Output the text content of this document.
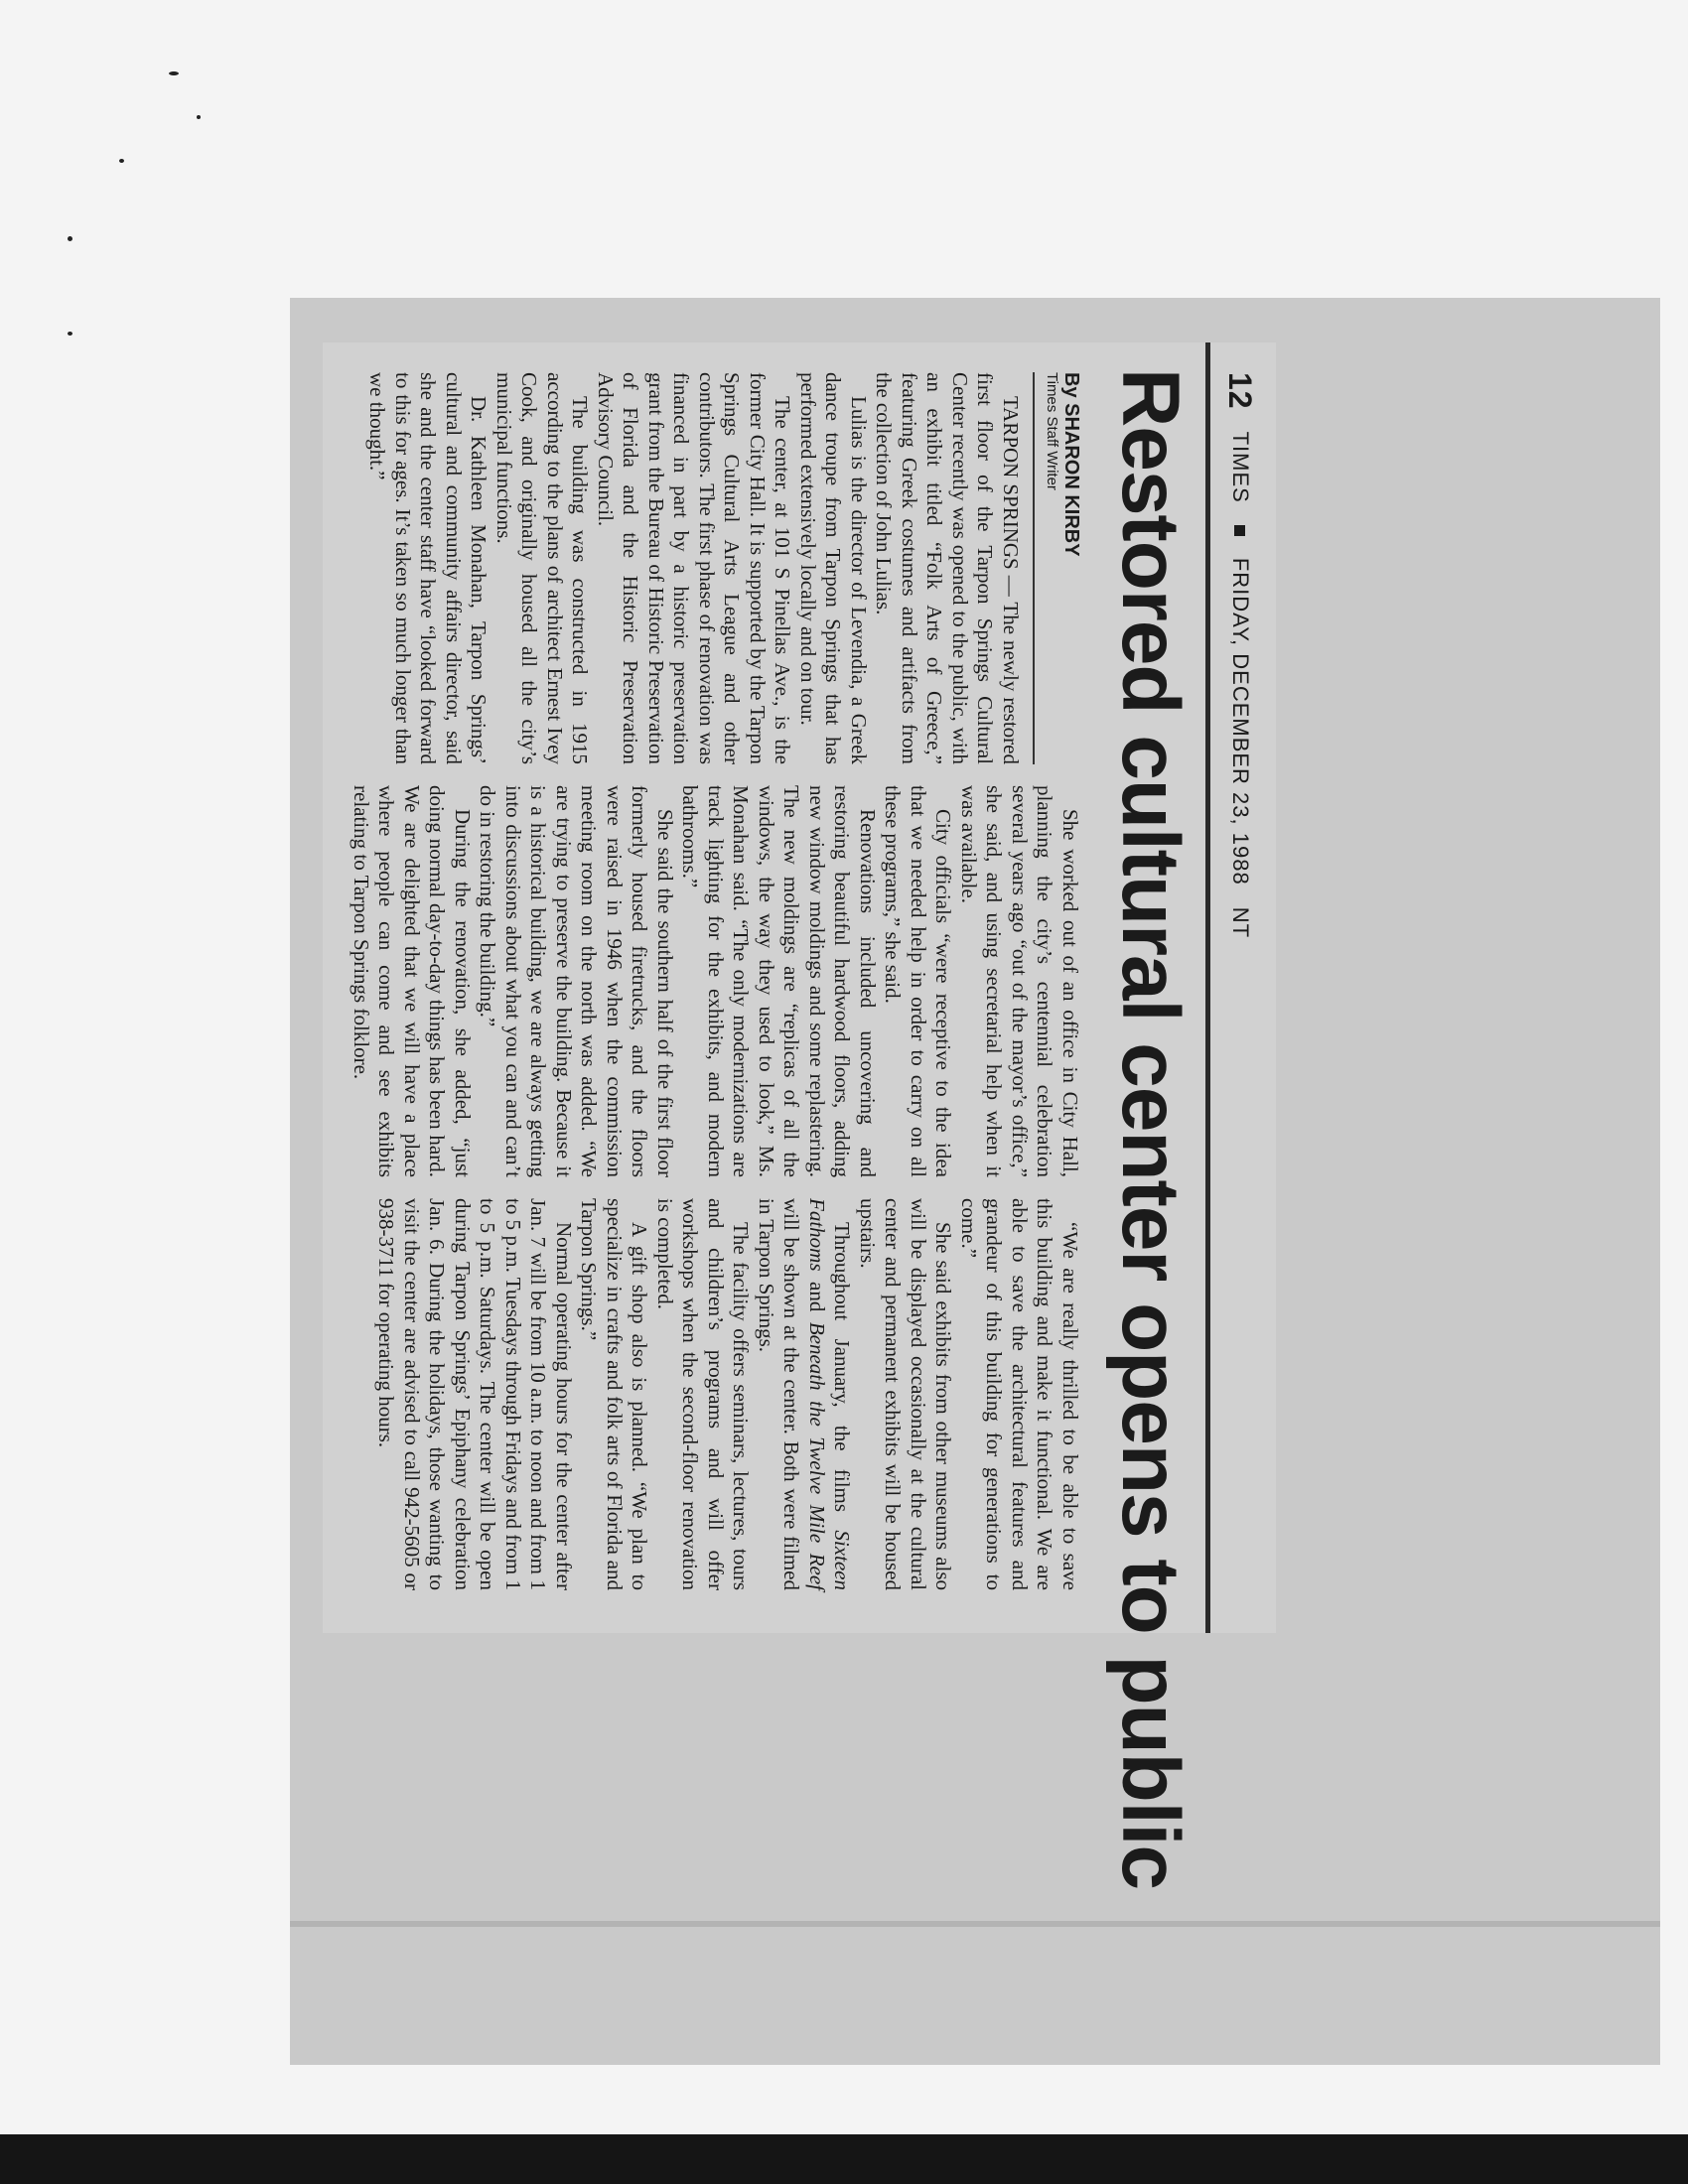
12
TIMES
FRIDAY, DECEMBER 23, 1988
NT
Restored cultural center opens to public
By SHARON KIRBY
Times Staff Writer

TARPON SPRINGS — The newly restored first floor of the Tarpon Springs Cultural Center recently was opened to the public, with an exhibit titled “Folk Arts of Greece,” featuring Greek costumes and artifacts from the collection of John Lulias.

Lulias is the director of Levendia, a Greek dance troupe from Tarpon Springs that has performed extensively locally and on tour.

The center, at 101 S Pinellas Ave., is the former City Hall. It is supported by the Tarpon Springs Cultural Arts League and other contributors. The first phase of renovation was financed in part by a historic preservation grant from the Bureau of Historic Preservation of Florida and the Historic Preservation Advisory Council.

The building was constructed in 1915 according to the plans of architect Ernest Ivey Cook, and originally housed all the city’s municipal functions.

Dr. Kathleen Monahan, Tarpon Springs’ cultural and community affairs director, said she and the center staff have “looked forward to this for ages. It’s taken so much longer than we thought.”

She worked out of an office in City Hall, planning the city’s centennial celebration several years ago “out of the mayor’s office,” she said, and using secretarial help when it was available.

City officials “were receptive to the idea that we needed help in order to carry on all these programs,” she said.

Renovations included uncovering and restoring beautiful hardwood floors, adding new window moldings and some replastering. The new moldings are “replicas of all the windows, the way they used to look,” Ms. Monahan said. “The only modernizations are track lighting for the exhibits, and modern bathrooms.”

She said the southern half of the first floor formerly housed firetrucks, and the floors were raised in 1946 when the commission meeting room on the north was added. “We are trying to preserve the building. Because it is a historical building, we are always getting into discussions about what you can and can’t do in restoring the building.”

During the renovation, she added, “just doing normal day-to-day things has been hard. We are delighted that we will have a place where people can come and see exhibits relating to Tarpon Springs folklore.

“We are really thrilled to be able to save this building and make it functional. We are able to save the architectural features and grandeur of this building for generations to come.”

She said exhibits from other museums also will be displayed occasionally at the cultural center and permanent exhibits will be housed upstairs.

Throughout January, the films Sixteen Fathoms and Beneath the Twelve Mile Reef will be shown at the center. Both were filmed in Tarpon Springs.

The facility offers seminars, lectures, tours and children’s programs and will offer workshops when the second-floor renovation is completed.

A gift shop also is planned. “We plan to specialize in crafts and folk arts of Florida and Tarpon Springs.”

Normal operating hours for the center after Jan. 7 will be from 10 a.m. to noon and from 1 to 5 p.m. Tuesdays through Fridays and from 1 to 5 p.m. Saturdays. The center will be open during Tarpon Springs’ Epiphany celebration Jan. 6. During the holidays, those wanting to visit the center are advised to call 942-5605 or 938-3711 for operating hours.
